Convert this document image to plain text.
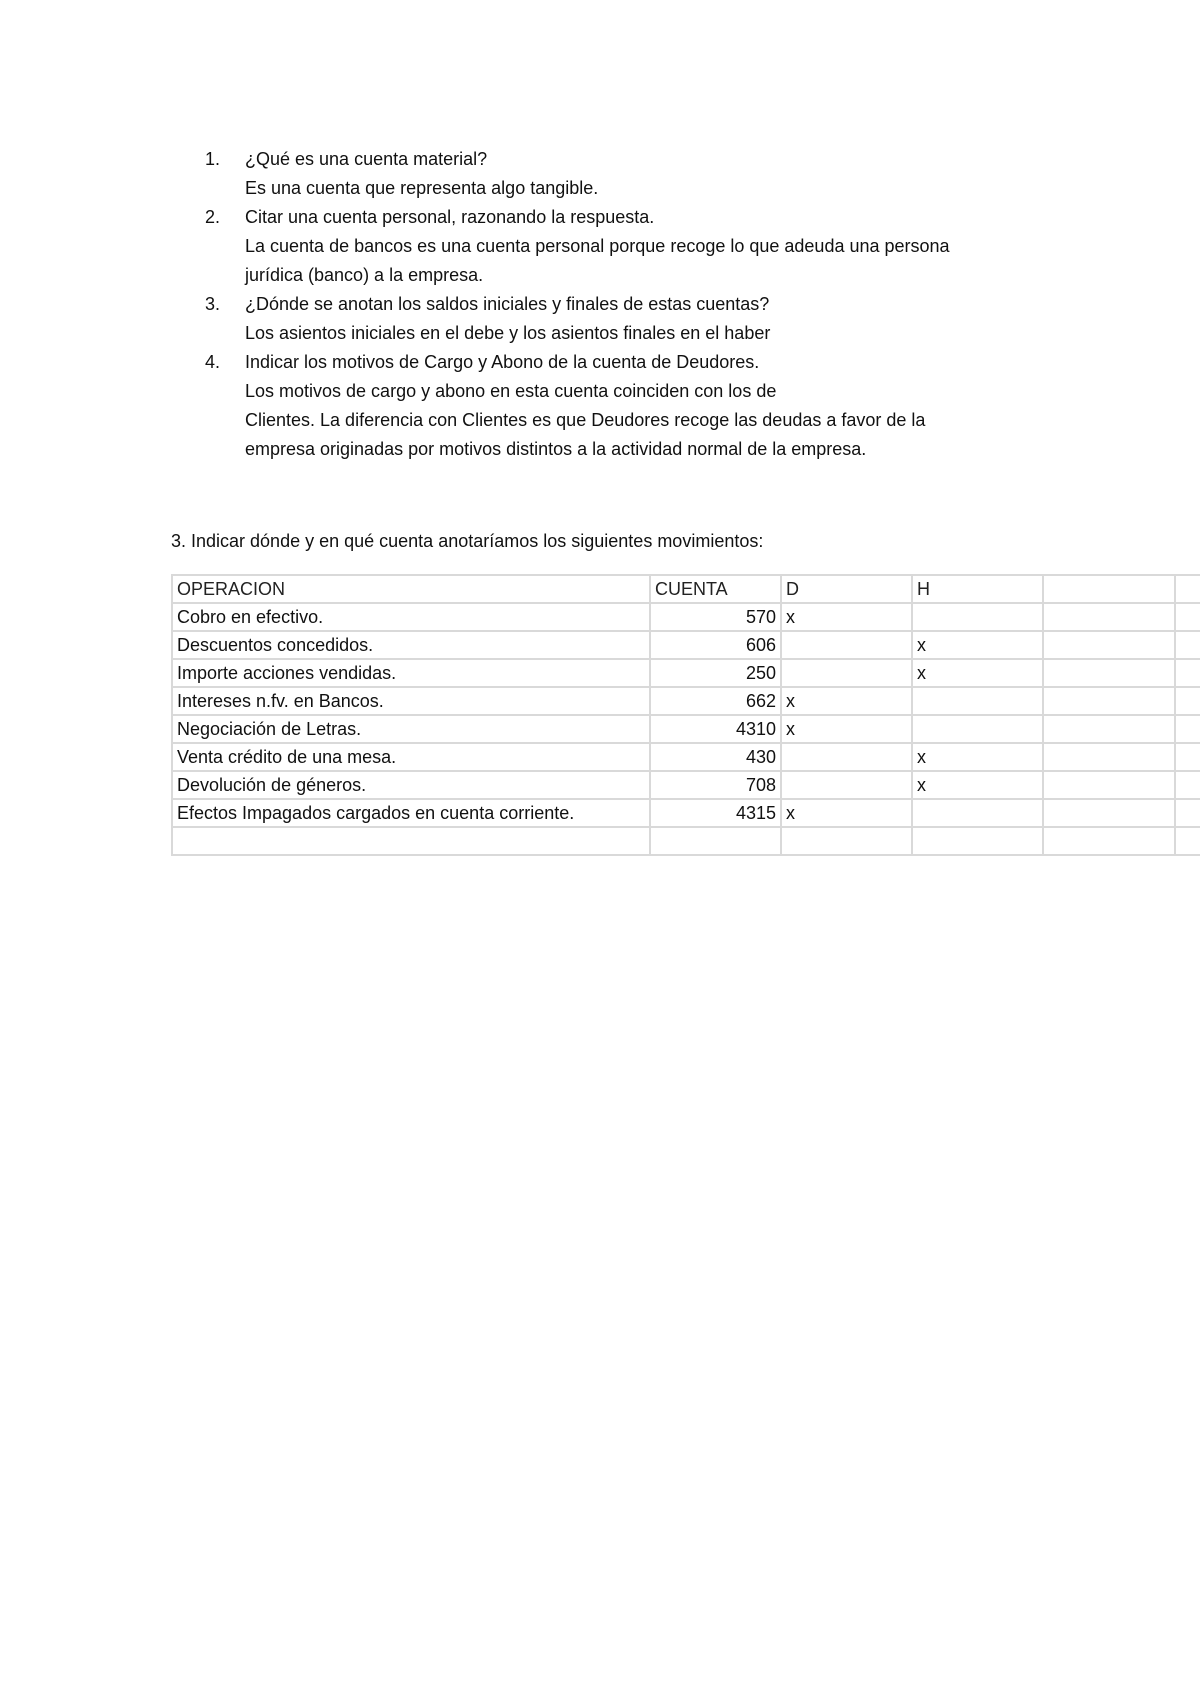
1.	¿Qué es una cuenta material?
Es una cuenta que representa algo tangible.
2.	Citar una cuenta personal, razonando la respuesta.
La cuenta de bancos es una cuenta personal porque recoge lo que adeuda una persona
jurídica (banco) a la empresa.
3.	¿Dónde se anotan los saldos iniciales y finales de estas cuentas?
Los asientos iniciales en el debe y los asientos finales en el haber
4.	Indicar los motivos de Cargo y Abono de la cuenta de Deudores.
Los motivos de cargo y abono en esta cuenta coinciden con los de
Clientes. La diferencia con Clientes es que Deudores recoge las deudas a favor de la
empresa originadas por motivos distintos a la actividad normal de la empresa.
3. Indicar dónde y en qué cuenta anotaríamos los siguientes movimientos:
OPERACION	CUENTA	D	H		
Cobro en efectivo.	570	x			
Descuentos concedidos.	606		x		
Importe acciones vendidas.	250		x		
Intereses n.fv. en Bancos.	662	x			
Negociación de Letras.	4310	x			
Venta crédito de una mesa.	430		x		
Devolución de géneros.	708		x		
Efectos Impagados cargados en cuenta corriente.	4315	x			
